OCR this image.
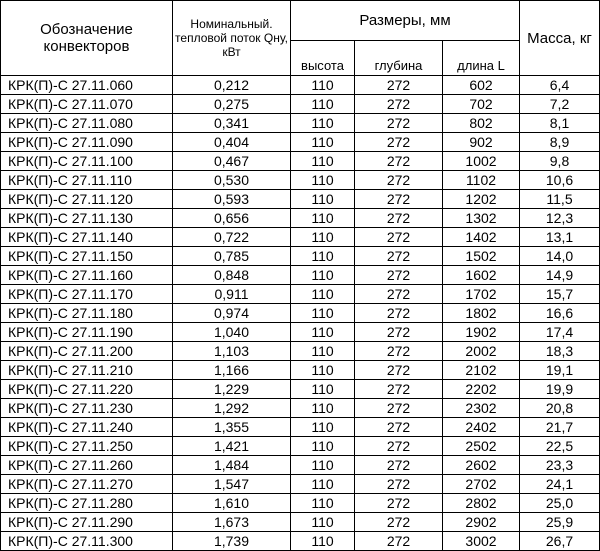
Обозначение конвекторов	Номинальный. тепловой поток Qну, кВт	Размеры, мм			Масса, кг
		высота	глубина	длина L	
КРК(П)-С 27.11.060	0,212	110	272	602	6,4
КРК(П)-С 27.11.070	0,275	110	272	702	7,2
КРК(П)-С 27.11.080	0,341	110	272	802	8,1
КРК(П)-С 27.11.090	0,404	110	272	902	8,9
КРК(П)-С 27.11.100	0,467	110	272	1002	9,8
КРК(П)-С 27.11.110	0,530	110	272	1102	10,6
КРК(П)-С 27.11.120	0,593	110	272	1202	11,5
КРК(П)-С 27.11.130	0,656	110	272	1302	12,3
КРК(П)-С 27.11.140	0,722	110	272	1402	13,1
КРК(П)-С 27.11.150	0,785	110	272	1502	14,0
КРК(П)-С 27.11.160	0,848	110	272	1602	14,9
КРК(П)-С 27.11.170	0,911	110	272	1702	15,7
КРК(П)-С 27.11.180	0,974	110	272	1802	16,6
КРК(П)-С 27.11.190	1,040	110	272	1902	17,4
КРК(П)-С 27.11.200	1,103	110	272	2002	18,3
КРК(П)-С 27.11.210	1,166	110	272	2102	19,1
КРК(П)-С 27.11.220	1,229	110	272	2202	19,9
КРК(П)-С 27.11.230	1,292	110	272	2302	20,8
КРК(П)-С 27.11.240	1,355	110	272	2402	21,7
КРК(П)-С 27.11.250	1,421	110	272	2502	22,5
КРК(П)-С 27.11.260	1,484	110	272	2602	23,3
КРК(П)-С 27.11.270	1,547	110	272	2702	24,1
КРК(П)-С 27.11.280	1,610	110	272	2802	25,0
КРК(П)-С 27.11.290	1,673	110	272	2902	25,9
КРК(П)-С 27.11.300	1,739	110	272	3002	26,7
